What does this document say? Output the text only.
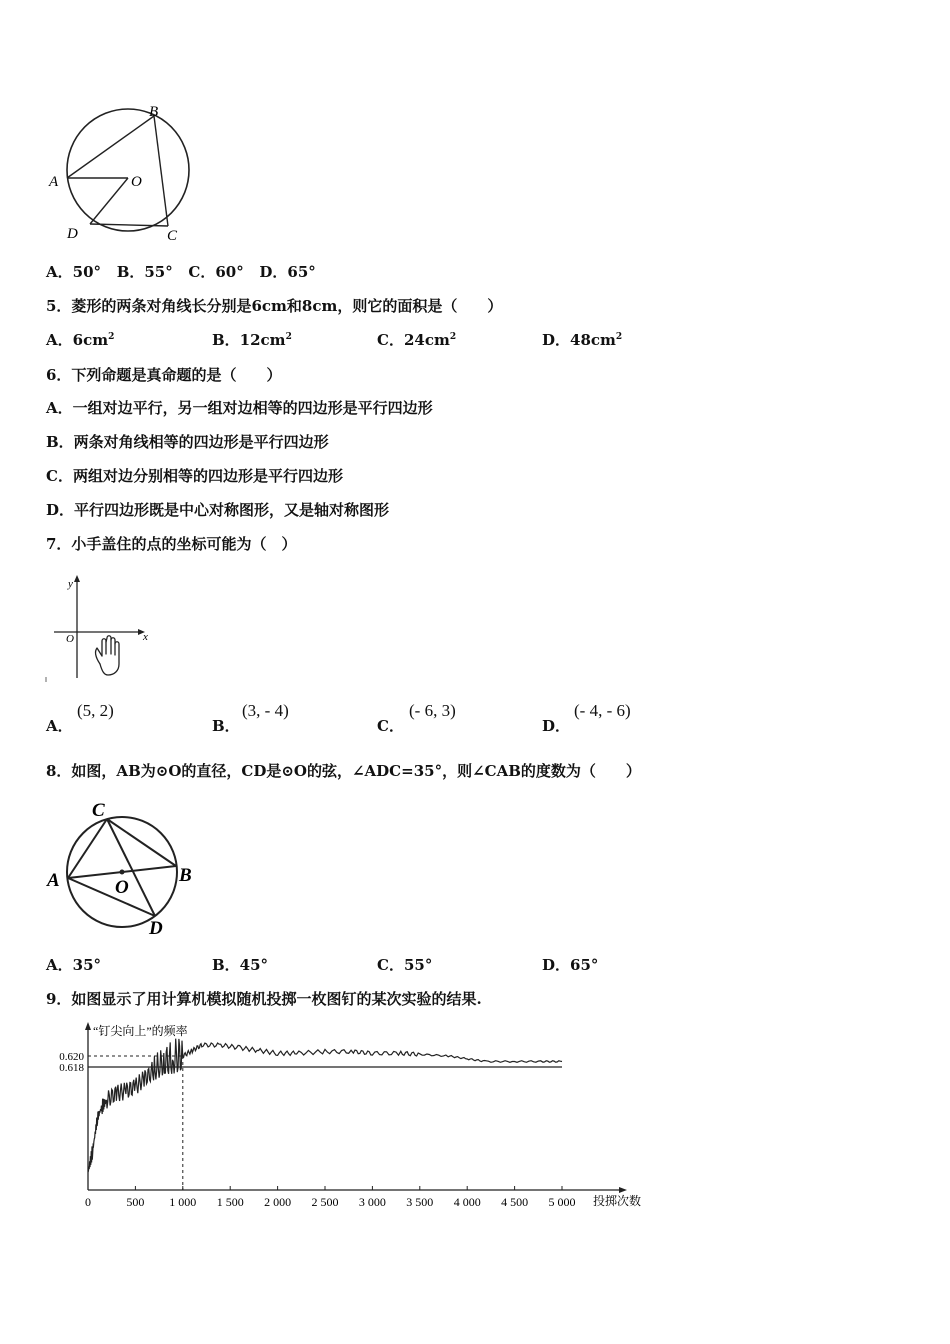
A
B
O
D	C
A．50° B．55° C．60° D．65°
5．菱形的两条对角线长分别是6cm和8cm，则它的面积是（　　）
A．$6cm^2$	B．$12cm^2$	C．$24cm^2$	D．$48cm^2$
6．下列命题是真命题的是（　　）
A．一组对边平行，另一组对边相等的四边形是平行四边形
B．两条对角线相等的四边形是平行四边形
C．两组对边分别相等的四边形是平行四边形
D．平行四边形既是中心对称图形，又是轴对称图形
7．小手盖住的点的坐标可能为（　）
y
x
O
A．
(5, 2)
B．
(3, - 4)
C．
(- 6, 3)
D．
(- 4, - 6)
8．如图，AB为⊙O的直径，CD是⊙O的弦，∠ADC=35°，则∠CAB的度数为（　　）
C
A	O
B
D
A．35°	B．45°	C．55°	D．65°
9．如图显示了用计算机模拟随机投掷一枚图钉的某次实验的结果.
“钉尖向上”的频率
投掷次数
0	500 1 000 1 500 2 000 2 500 3 000 3 500 4 000 4 500 5 000
0.620
0.618
